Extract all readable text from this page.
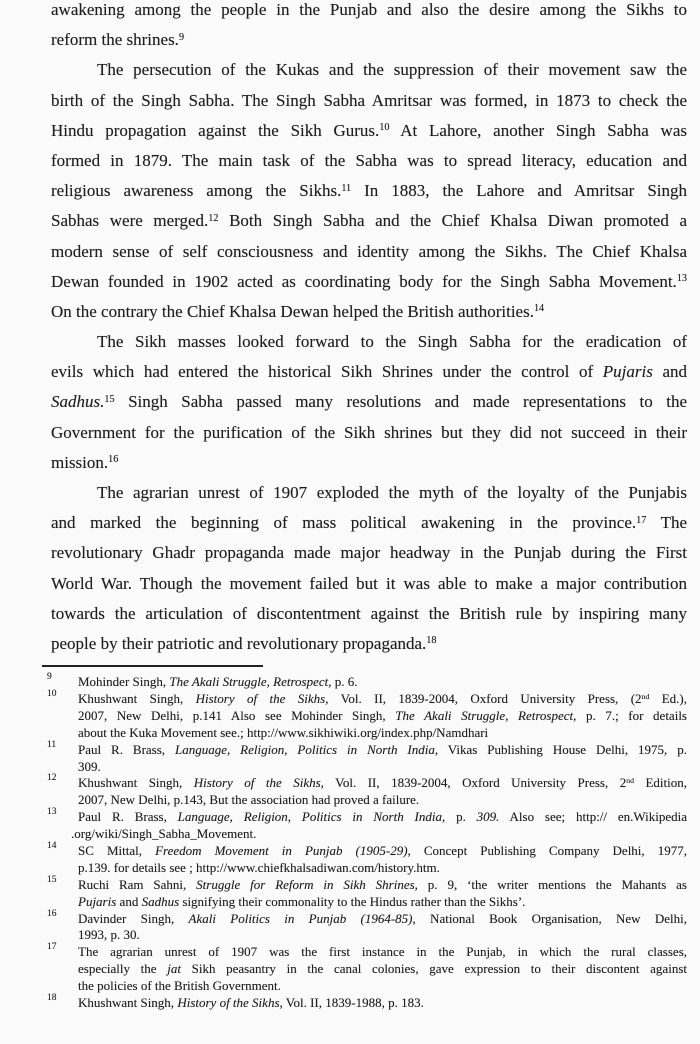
awakening among the people in the Punjab and also the desire among the Sikhs to
reform the shrines.$^9$
The persecution of the Kukas and the suppression of their movement saw the
birth of the Singh Sabha. The Singh Sabha Amritsar was formed, in 1873 to check the
Hindu propagation against the Sikh Gurus.$^{10}$ At Lahore, another Singh Sabha was
formed in 1879. The main task of the Sabha was to spread literacy, education and
religious awareness among the Sikhs.$^{11}$ In 1883, the Lahore and Amritsar Singh
Sabhas were merged.$^{12}$ Both Singh Sabha and the Chief Khalsa Diwan promoted a
modern sense of self consciousness and identity among the Sikhs. The Chief Khalsa
Dewan founded in 1902 acted as coordinating body for the Singh Sabha Movement.$^{13}$
On the contrary the Chief Khalsa Dewan helped the British authorities.$^{14}$
The Sikh masses looked forward to the Singh Sabha for the eradication of
evils which had entered the historical Sikh Shrines under the control of Pujaris and
Sadhus.$^{15}$ Singh Sabha passed many resolutions and made representations to the
Government for the purification of the Sikh shrines but they did not succeed in their
mission.$^{16}$
The agrarian unrest of 1907 exploded the myth of the loyalty of the Punjabis
and marked the beginning of mass political awakening in the province.$^{17}$ The
revolutionary Ghadr propaganda made major headway in the Punjab during the First
World War. Though the movement failed but it was able to make a major contribution
towards the articulation of discontentment against the British rule by inspiring many
people by their patriotic and revolutionary propaganda.$^{18}$
9 Mohinder Singh, The Akali Struggle, Retrospect, p. 6.
10 Khushwant Singh, History of the Sikhs, Vol. II, 1839-2004, Oxford University Press, (2nd Ed.),
2007, New Delhi, p.141 Also see Mohinder Singh, The Akali Struggle, Retrospect, p. 7.; for details
about the Kuka Movement see.; http://www.sikhiwiki.org/index.php/Namdhari
11 Paul R. Brass, Language, Religion, Politics in North India, Vikas Publishing House Delhi, 1975, p.
309.
12 Khushwant Singh, History of the Sikhs, Vol. II, 1839-2004, Oxford University Press, 2nd Edition,
2007, New Delhi, p.143, But the association had proved a failure.
13 Paul R. Brass, Language, Religion, Politics in North India, p. 309. Also see; http:// en.Wikipedia
.org/wiki/Singh_Sabha_Movement.
14 SC Mittal, Freedom Movement in Punjab (1905-29), Concept Publishing Company Delhi, 1977,
p.139. for details see ; http://www.chiefkhalsadiwan.com/history.htm.
15 Ruchi Ram Sahni, Struggle for Reform in Sikh Shrines, p. 9, ‘the writer mentions the Mahants as
Pujaris and Sadhus signifying their commonality to the Hindus rather than the Sikhs’.
16 Davinder Singh, Akali Politics in Punjab (1964-85), National Book Organisation, New Delhi,
1993, p. 30.
17 The agrarian unrest of 1907 was the first instance in the Punjab, in which the rural classes,
especially the jat Sikh peasantry in the canal colonies, gave expression to their discontent against
the policies of the British Government.
18 Khushwant Singh, History of the Sikhs, Vol. II, 1839-1988, p. 183.
